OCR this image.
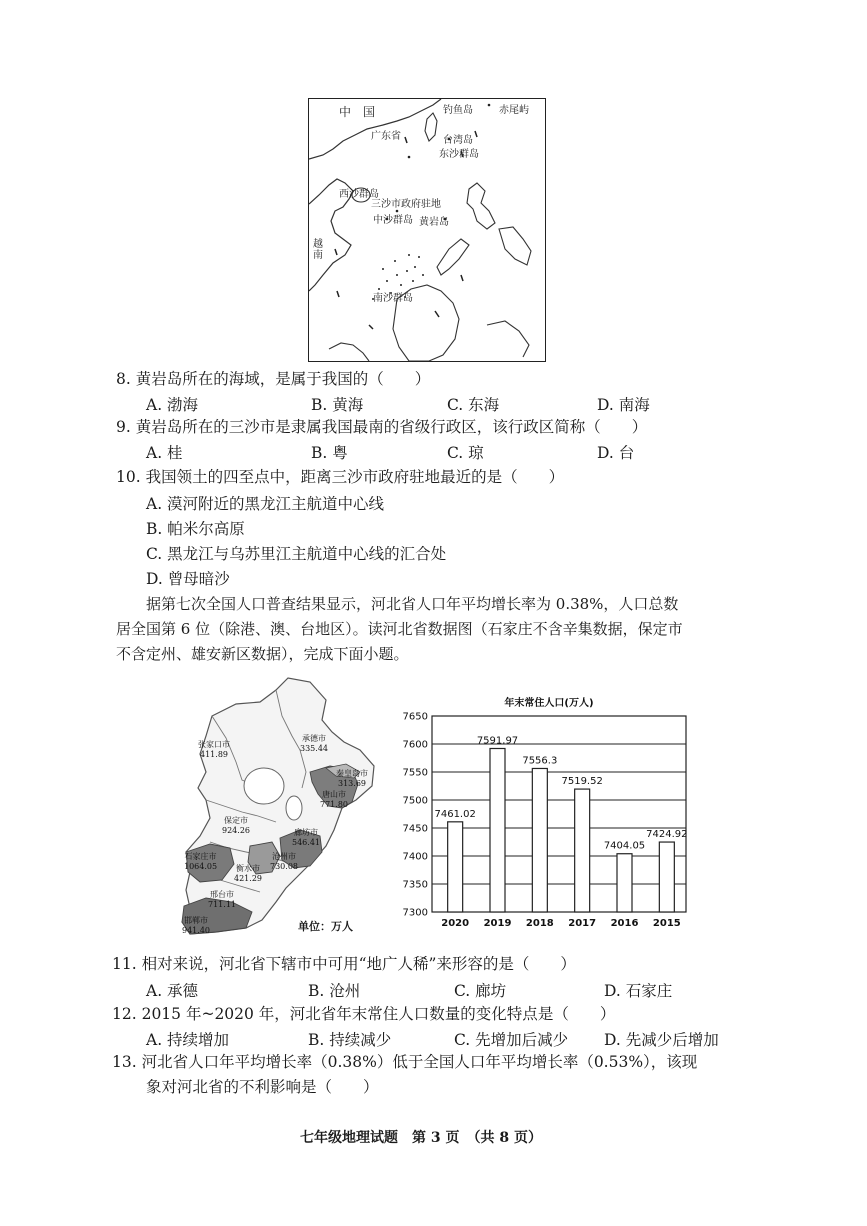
中　国	钓鱼岛	赤尾屿
广东省	台湾岛
东沙群岛
西沙群岛
三沙市政府驻地
中沙群岛 黄岩岛
越南
南沙群岛
8. 黄岩岛所在的海域，是属于我国的（　　）
A. 渤海	B. 黄海	C. 东海	D. 南海
9. 黄岩岛所在的三沙市是隶属我国最南的省级行政区，该行政区简称（　　）
A. 桂	B. 粤	C. 琼	D. 台
10. 我国领土的四至点中，距离三沙市政府驻地最近的是（　　）
A. 漠河附近的黑龙江主航道中心线
B. 帕米尔高原
C. 黑龙江与乌苏里江主航道中心线的汇合处
D. 曾母暗沙
据第七次全国人口普查结果显示，河北省人口年平均增长率为 0.38%，人口总数
居全国第 6 位（除港、澳、台地区）。读河北省数据图（石家庄不含辛集数据，保定市
不含定州、雄安新区数据），完成下面小题。
张家口市
411.89
承德市
335.44
秦皇岛市
313.69
唐山市
771.80
保定市
924.26	廊坊市
546.41
石家庄市
1064.05
沧州市
730.08
衡水市
421.29
邢台市
711.11
邯郸市
941.40	单位：万人
年末常住人口(万人)
7650
7600
7550
7500
7450
7400
7350
7300
7461.02
2020
7591.97
2019
7556.3
2018
7519.52
2017
7404.05
2016
7424.92
2015
11. 相对来说，河北省下辖市中可用“地广人稀”来形容的是（　　）
A. 承德	B. 沧州	C. 廊坊	D. 石家庄
12. 2015 年~2020 年，河北省年末常住人口数量的变化特点是（　　）
A. 持续增加	B. 持续减少	C. 先增加后减少 D. 先减少后增加
13. 河北省人口年平均增长率（0.38%）低于全国人口年平均增长率（0.53%），该现
象对河北省的不利影响是（　　）
七年级地理试题　第 3 页　（共 8 页）
